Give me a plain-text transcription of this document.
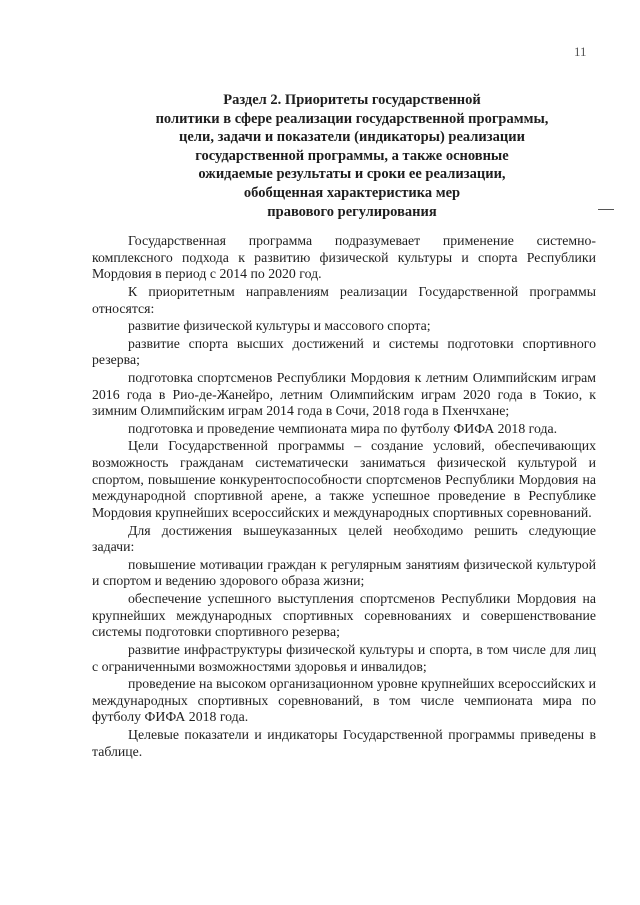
11
Раздел 2. Приоритеты государственной
политики в сфере реализации государственной программы,
цели, задачи и показатели (индикаторы) реализации
государственной программы, а также основные
ожидаемые результаты и сроки ее реализации,
обобщенная характеристика мер
правового регулирования

Государственная программа подразумевает применение системно-комплексного подхода к развитию физической культуры и спорта Республики Мордовия в период с 2014 по 2020 год.

К приоритетным направлениям реализации Государственной программы относятся:

развитие физической культуры и массового спорта;

развитие спорта высших достижений и системы подготовки спортивного резерва;

подготовка спортсменов Республики Мордовия к летним Олимпийским играм 2016 года в Рио-де-Жанейро, летним Олимпийским играм 2020 года в Токио, к зимним Олимпийским играм 2014 года в Сочи, 2018 года в Пхенчхане;

подготовка и проведение чемпионата мира по футболу ФИФА 2018 года.

Цели Государственной программы – создание условий, обеспечивающих возможность гражданам систематически заниматься физической культурой и спортом, повышение конкурентоспособности спортсменов Республики Мордовия на международной спортивной арене, а также успешное проведение в Республике Мордовия крупнейших всероссийских и международных спортивных соревнований.

Для достижения вышеуказанных целей необходимо решить следующие задачи:

повышение мотивации граждан к регулярным занятиям физической культурой и спортом и ведению здорового образа жизни;

обеспечение успешного выступления спортсменов Республики Мордовия на крупнейших международных спортивных соревнованиях и совершенствование системы подготовки спортивного резерва;

развитие инфраструктуры физической культуры и спорта, в том числе для лиц с ограниченными возможностями здоровья и инвалидов;

проведение на высоком организационном уровне крупнейших всероссийских и международных спортивных соревнований, в том числе чемпионата мира по футболу ФИФА 2018 года.

Целевые показатели и индикаторы Государственной программы приведены в таблице.
